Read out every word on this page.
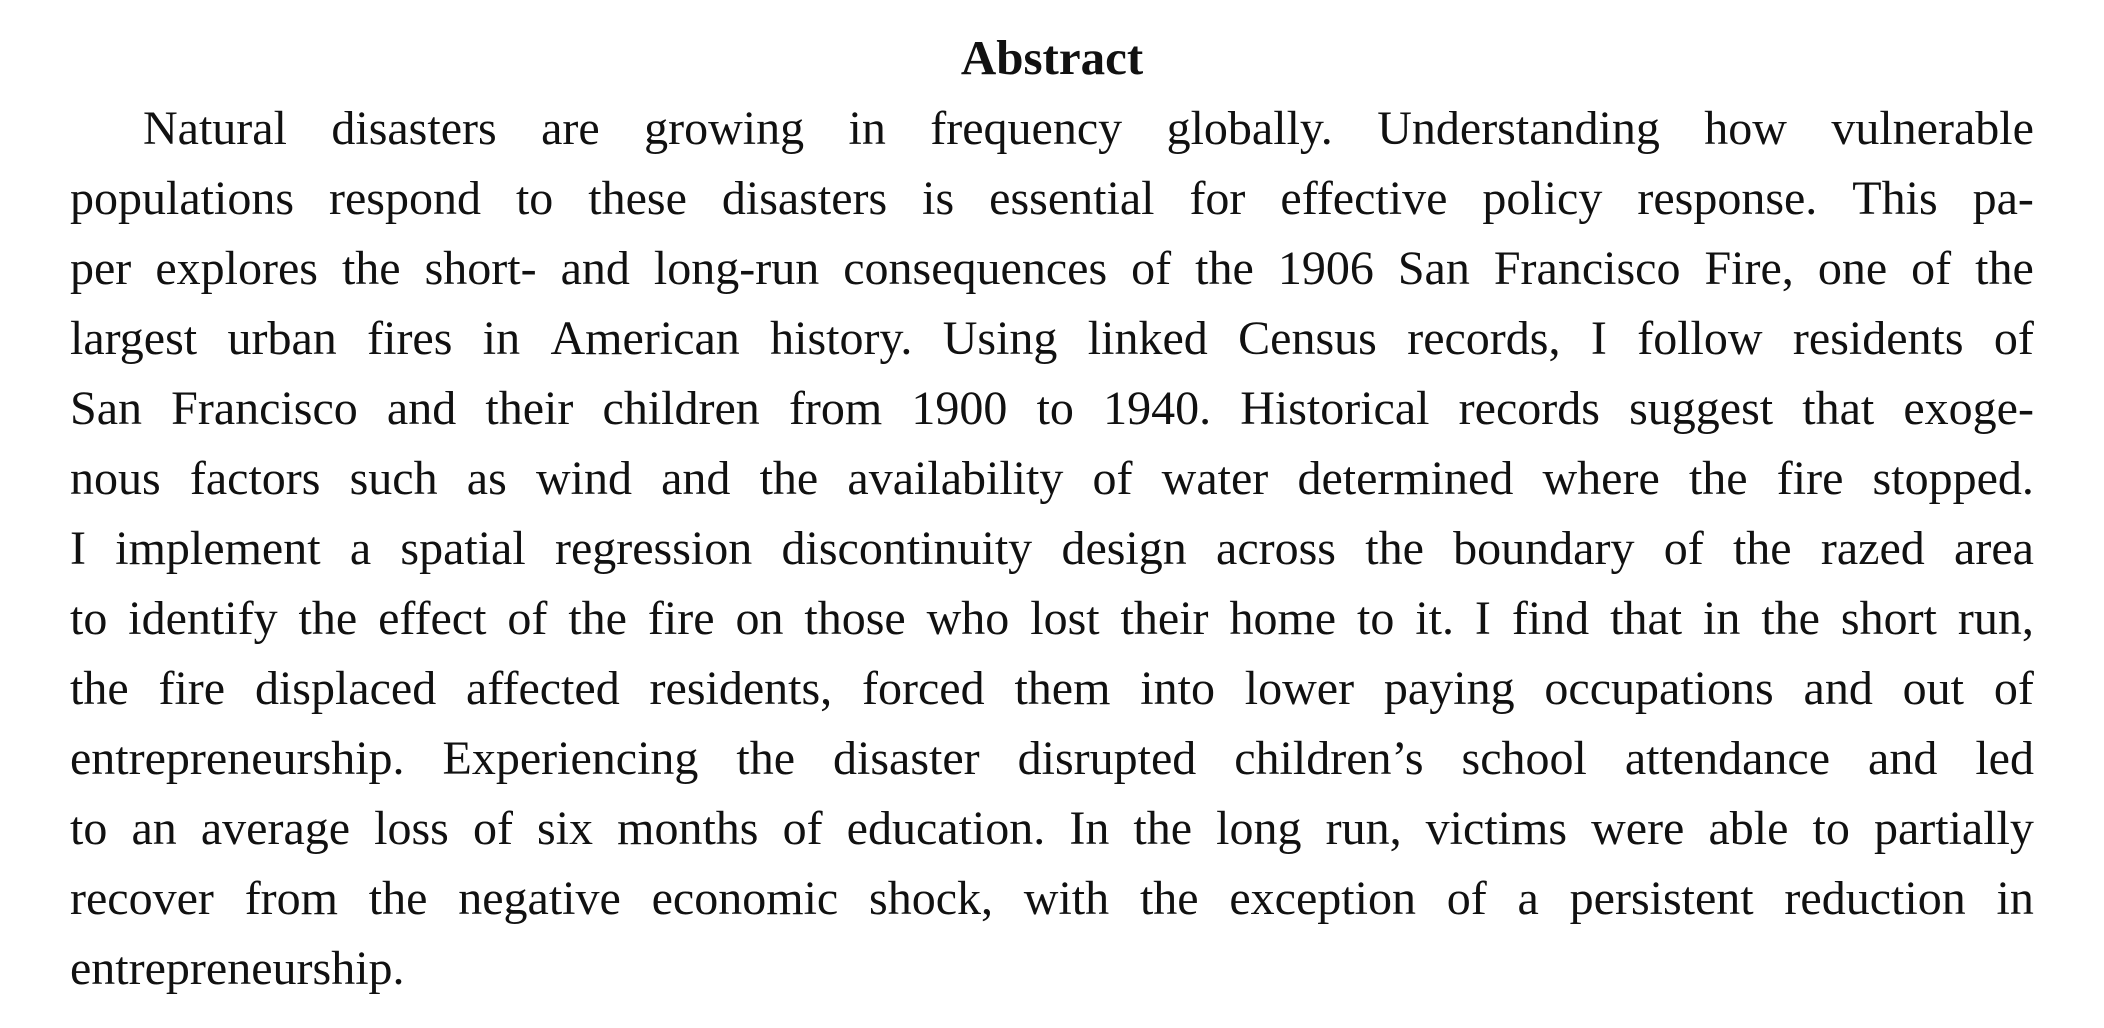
Abstract
Natural disasters are growing in frequency globally. Understanding how vulnerable
populations respond to these disasters is essential for effective policy response. This pa-
per explores the short- and long-run consequences of the 1906 San Francisco Fire, one of the
largest urban fires in American history. Using linked Census records, I follow residents of
San Francisco and their children from 1900 to 1940. Historical records suggest that exoge-
nous factors such as wind and the availability of water determined where the fire stopped.
I implement a spatial regression discontinuity design across the boundary of the razed area
to identify the effect of the fire on those who lost their home to it. I find that in the short run,
the fire displaced affected residents, forced them into lower paying occupations and out of
entrepreneurship. Experiencing the disaster disrupted children’s school attendance and led
to an average loss of six months of education. In the long run, victims were able to partially
recover from the negative economic shock, with the exception of a persistent reduction in
entrepreneurship.
